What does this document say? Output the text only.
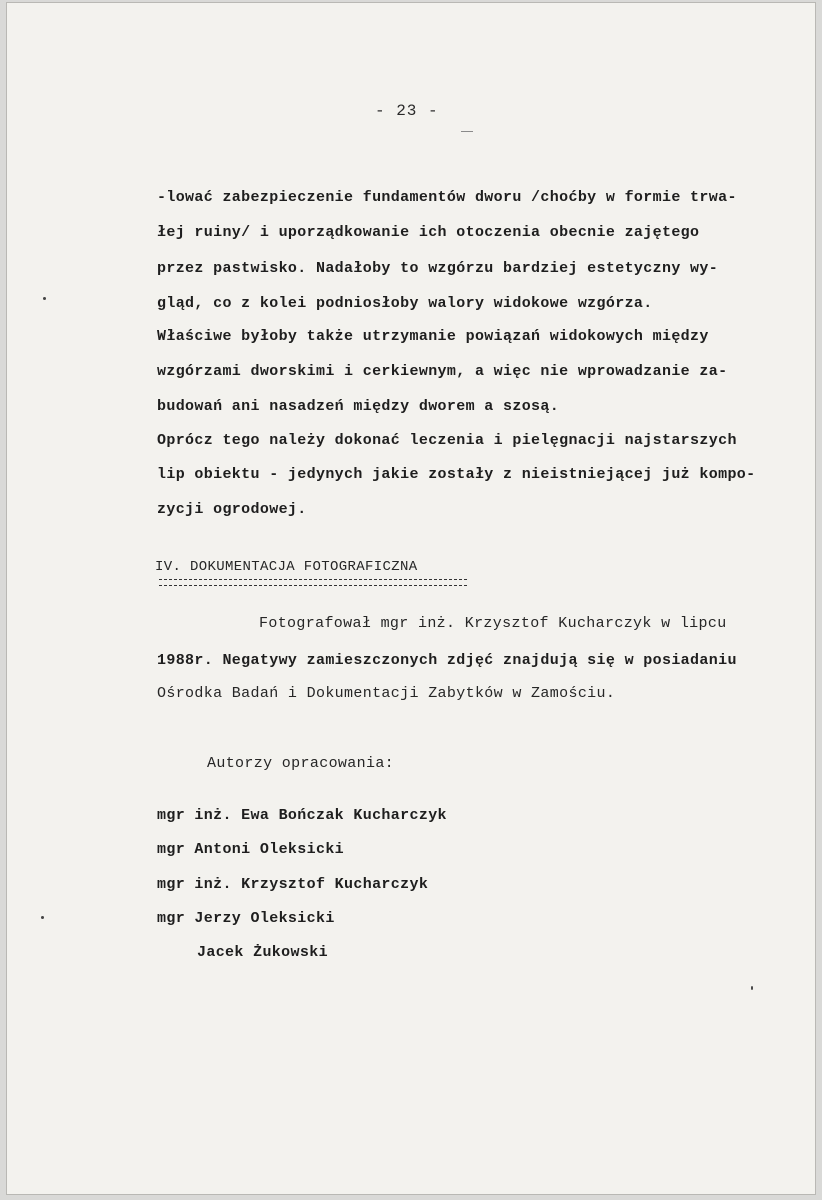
- 23 -
-lować zabezpieczenie fundamentów dworu /choćby w formie trwa-
łej ruiny/ i uporządkowanie ich otoczenia obecnie zajętego
przez pastwisko. Nadałoby to wzgórzu bardziej estetyczny wy-
gląd, co z kolei podniosłoby walory widokowe wzgórza.
Właściwe byłoby także utrzymanie powiązań widokowych między
wzgórzami dworskimi i cerkiewnym, a więc nie wprowadzanie za-
budowań ani nasadzeń między dworem a szosą.
Oprócz tego należy dokonać leczenia i pielęgnacji najstarszych
lip obiektu - jedynych jakie zostały z nieistniejącej już kompo-
zycji ogrodowej.
IV. DOKUMENTACJA FOTOGRAFICZNA
Fotografował mgr inż. Krzysztof Kucharczyk w lipcu
1988r. Negatywy zamieszczonych zdjęć znajdują się w posiadaniu
Ośrodka Badań i Dokumentacji Zabytków w Zamościu.
Autorzy opracowania:
mgr inż. Ewa Bończak Kucharczyk
mgr Antoni Oleksicki
mgr inż. Krzysztof Kucharczyk
mgr Jerzy Oleksicki
Jacek Żukowski
